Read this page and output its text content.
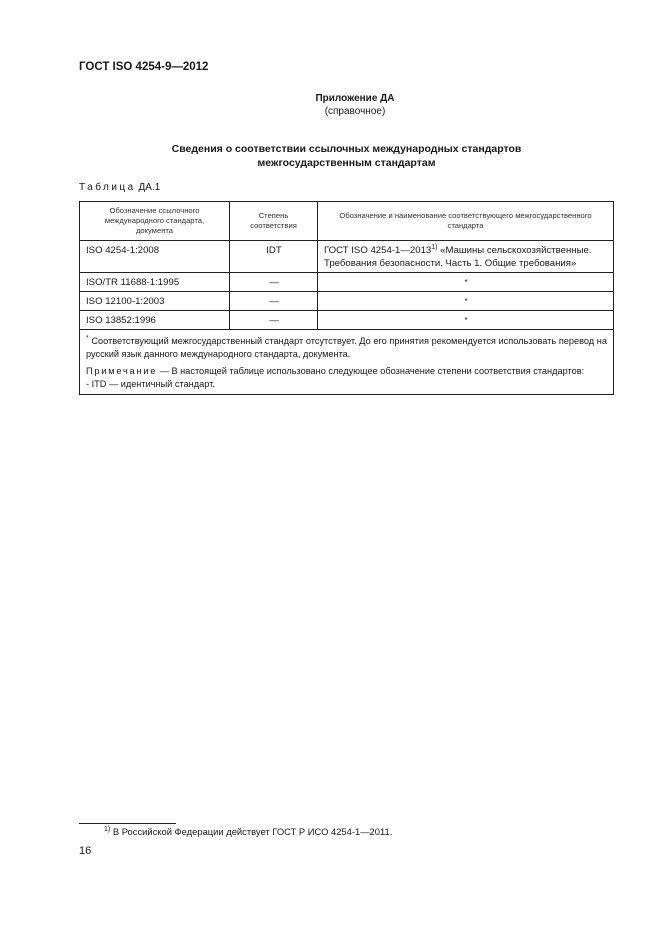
ГОСТ ISO 4254-9—2012
Приложение ДА
(справочное)
Сведения о соответствии ссылочных международных стандартов
межгосударственным стандартам
Таблица ДА.1
Обозначение ссылочного международного стандарта, документа	Степень соответствия	Обозначение и наименование соответствующего межгосударственного стандарта
ISO 4254-1:2008	IDT	ГОСТ ISO 4254-1—2013$^{1)}$ «Машины сельскохозяйственные. Требования безопасности. Часть 1. Общие требования»
ISO/TR 11688-1:1995	—	*
ISO 12100-1:2003	—	*
ISO 13852:1996	—	*

* Соответствующий межгосударственный стандарт отсутствует. До его принятия рекомендуется использовать перевод на русский язык данного международного стандарта, документа.

Примечание — В настоящей таблице использовано следующее обозначение степени соответствия стандартов:

- ITD — идентичный стандарт.		

$^{1)}$ В Российской Федерации действует ГОСТ Р ИСО 4254-1—2011.
16
